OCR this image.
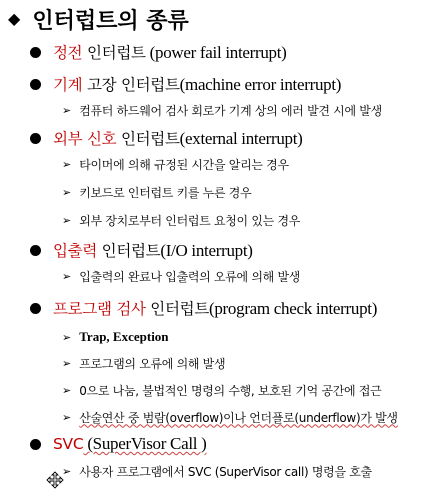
◆ 인터럽트의 종류
정전 인터럽트 (power fail interrupt)
기계 고장 인터럽트(machine error interrupt)
➢ 컴퓨터 하드웨어 검사 회로가 기계 상의 에러 발견 시에 발생
외부 신호 인터럽트(external interrupt)
➢ 타이머에 의해 규정된 시간을 알리는 경우
➢ 키보드로 인터럽트 키를 누른 경우
➢ 외부 장치로부터 인터럽트 요청이 있는 경우
입출력 인터럽트(I/O interrupt)
➢ 입출력의 완료나 입출력의 오류에 의해 발생
프로그램 검사 인터럽트(program check interrupt)
➢ Trap, Exception
➢ 프로그램의 오류에 의해 발생
➢ 0으로 나눔, 불법적인 명령의 수행, 보호된 기억 공간에 접근
➢ 산술연산 중 범람(overflow)이나 언더플로(underflow)가 발생
SVC (SuperVisor Call )
➢ 사용자 프로그램에서 SVC (SuperVisor call) 명령을 호출
